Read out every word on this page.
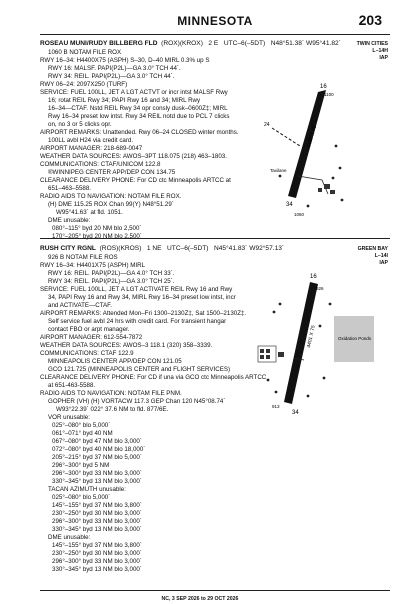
MINNESOTA	203
ROSEAU MUNI/RUDY BILLBERG FLD (ROX)(KROX) 2 E UTC–6(–5DT) N48°51.38´ W95°41.82´
1060 B NOTAM FILE ROX
RWY 16–34: H4400X75 (ASPH) S–30, D–40 MIRL 0.3% up S
RWY 16: MALSF. PAPI(P2L)—GA 3.0° TCH 44´.
RWY 34: REIL. PAPI(P2L)—GA 3.0° TCH 44´.
RWY 06–24: 2097X250 (TURF)
SERVICE: FUEL 100LL, JET A LGT ACTVT or incr intst MALSF Rwy
16; rotat REIL Rwy 34; PAPI Rwy 16 and 34; MIRL Rwy
16–34—CTAF. Nstd REIL Rwy 34 opr consly dusk–0600Z‡; MIRL
Rwy 16–34 preset low intst. Rwy 34 REIL notd due to PCL 7 clicks
on, no 3 or 5 clicks opr.
AIRPORT REMARKS: Unattended. Rwy 06–24 CLOSED winter months.
100LL avbl H24 via credit card.
AIRPORT MANAGER: 218-689-0047
WEATHER DATA SOURCES: AWOS–3PT 118.075 (218) 463–1803.
COMMUNICATIONS: CTAF/UNICOM 122.8
®WINNIPEG CENTER APP/DEP CON 134.75
CLEARANCE DELIVERY PHONE: For CD ctc Minneapolis ARTCC at
651–463–5588.
RADIO AIDS TO NAVIGATION: NOTAM FILE ROX.
(H) DME 115.25 ROX Chan 99(Y) N48°51.29´
W95°41.63´ at fld. 1051.
DME unusable:
080°–115° byd 20 NM blo 2,500´
170°–205° byd 20 NM blo 2,500´
TWIN CITIES
L–14H
IAP
16
34
4400 X 75
Taxilane
24
1100
1060
RUSH CITY RGNL (ROS)(KROS) 1 NE UTC–6(–5DT) N45°41.83´ W92°57.13´
926 B NOTAM FILE ROS
RWY 16–34: H4401X75 (ASPH) MIRL
RWY 16: REIL. PAPI(P2L)—GA 4.0° TCH 33´.
RWY 34: REIL. PAPI(P2L)—GA 3.0° TCH 25´.
SERVICE: FUEL 100LL, JET A LGT ACTIVATE REIL Rwy 16 and Rwy
34, PAPI Rwy 16 and Rwy 34, MIRL Rwy 16–34 preset low intst, incr
and ACTIVATE—CTAF.
AIRPORT REMARKS: Attended Mon–Fri 1300–2130Z‡, Sat 1500–2130Z‡.
Self service fuel avbl 24 hrs with credit card. For transient hangar
contact FBO or arpt manager.
AIRPORT MANAGER: 612-554-7872
WEATHER DATA SOURCES: AWOS–3 118.1 (320) 358–3339.
COMMUNICATIONS: CTAF 122.9
MINNEAPOLIS CENTER APP/DEP CON 121.05
GCO 121.725 (MINNEAPOLIS CENTER and FLIGHT SERVICES)
CLEARANCE DELIVERY PHONE: For CD if una via GCO ctc Minneapolis ARTCC
at 651-463-5588.
RADIO AIDS TO NAVIGATION: NOTAM FILE PNM.
GOPHER (VH) (H) VORTACW 117.3 GEP Chan 120 N45°08.74´
W93°22.39´ 022° 37.6 NM to fld. 877/6E.
VOR unusable:
025°–080° blo 5,000´
061°–071° byd 40 NM
067°–080° byd 47 NM blo 3,000´
072°–080° byd 40 NM blo 18,000´
205°–215° byd 37 NM blo 5,000´
296°–300° byd 5 NM
296°–300° byd 33 NM blo 3,000´
330°–345° byd 13 NM blo 3,000´
TACAN AZIMUTH unusable:
025°–080° blo 5,000´
145°–155° byd 37 NM blo 3,800´
230°–250° byd 30 NM blo 3,000´
296°–300° byd 33 NM blo 3,000´
330°–345° byd 13 NM blo 3,000´
DME unusable:
145°–155° byd 37 NM blo 3,800´
230°–250° byd 30 NM blo 3,000´
296°–300° byd 33 NM blo 3,000´
330°–345° byd 13 NM blo 3,000´
GREEN BAY
L–14I
IAP
16
34
4401 X 75	Oxidation Ponds
926
913
NC, 3 SEP 2026 to 29 OCT 2026
